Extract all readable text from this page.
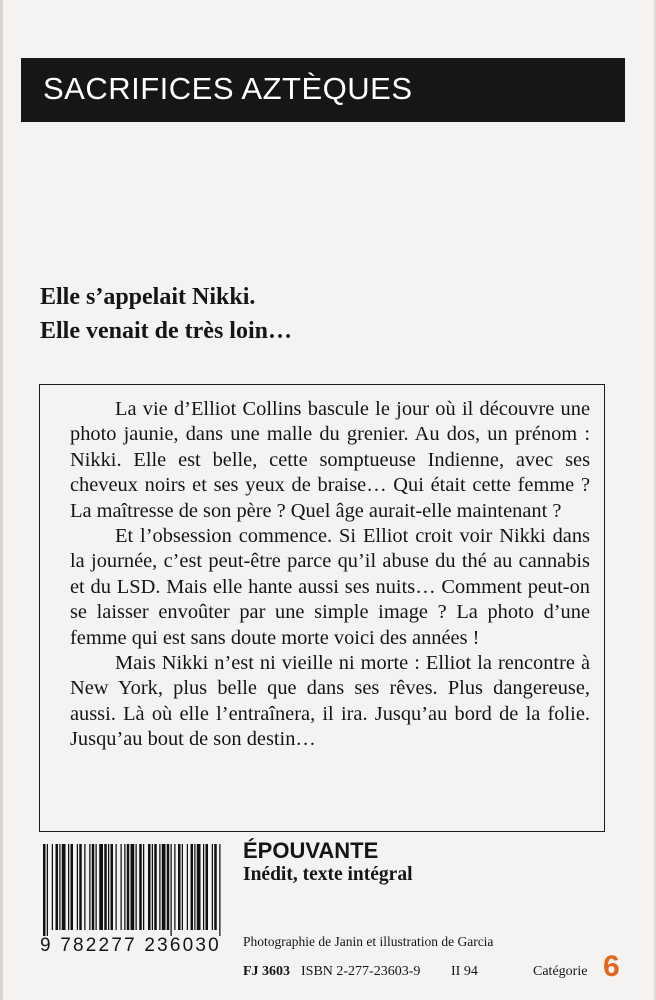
SACRIFICES AZTÈQUES
Elle s’appelait Nikki.
Elle venait de très loin…

La vie d’Elliot Collins bascule le jour où il découvre une photo jaunie, dans une malle du grenier. Au dos, un prénom : Nikki. Elle est belle, cette somptueuse Indienne, avec ses cheveux noirs et ses yeux de braise… Qui était cette femme ? La maîtresse de son père ? Quel âge aurait-elle maintenant ?

Et l’obsession commence. Si Elliot croit voir Nikki dans la journée, c’est peut-être parce qu’il abuse du thé au cannabis et du LSD. Mais elle hante aussi ses nuits… Comment peut-on se laisser envoûter par une simple image ? La photo d’une femme qui est sans doute morte voici des années !

Mais Nikki n’est ni vieille ni morte : Elliot la rencontre à New York, plus belle que dans ses rêves. Plus dangereuse, aussi. Là où elle l’entraînera, il ira. Jusqu’au bord de la folie. Jusqu’au bout de son destin…

9 782277 236030
ÉPOUVANTE
Inédit, texte intégral
Photographie de Janin et illustration de Garcia
FJ 3603 ISBN 2-277-23603-9 II 94	Catégorie 6
